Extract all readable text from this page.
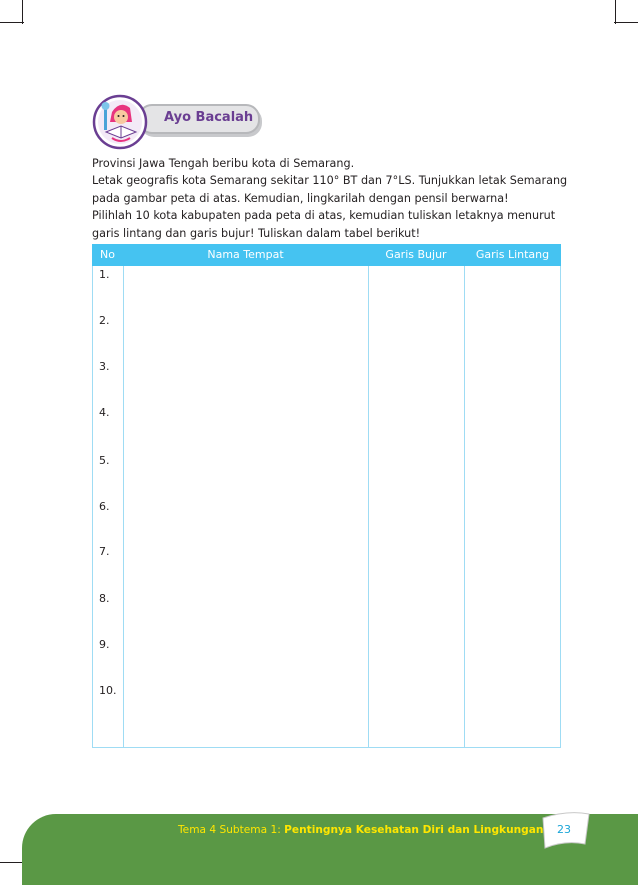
Ayo Bacalah

Provinsi Jawa Tengah beribu kota di Semarang.

Letak geografis kota Semarang sekitar 110° BT dan 7°LS. Tunjukkan letak Semarang

pada gambar peta di atas. Kemudian, lingkarilah dengan pensil berwarna!

Pilihlah 10 kota kabupaten pada peta di atas, kemudian tuliskan letaknya menurut

garis lintang dan garis bujur! Tuliskan dalam tabel berikut!

No	Nama Tempat	Garis Bujur	Garis Lintang
1.
2.
3.
4.
5.
6.
7.
8.
9.
10.
Tema 4 Subtema 1: Pentingnya Kesehatan Diri dan Lingkungan	23
